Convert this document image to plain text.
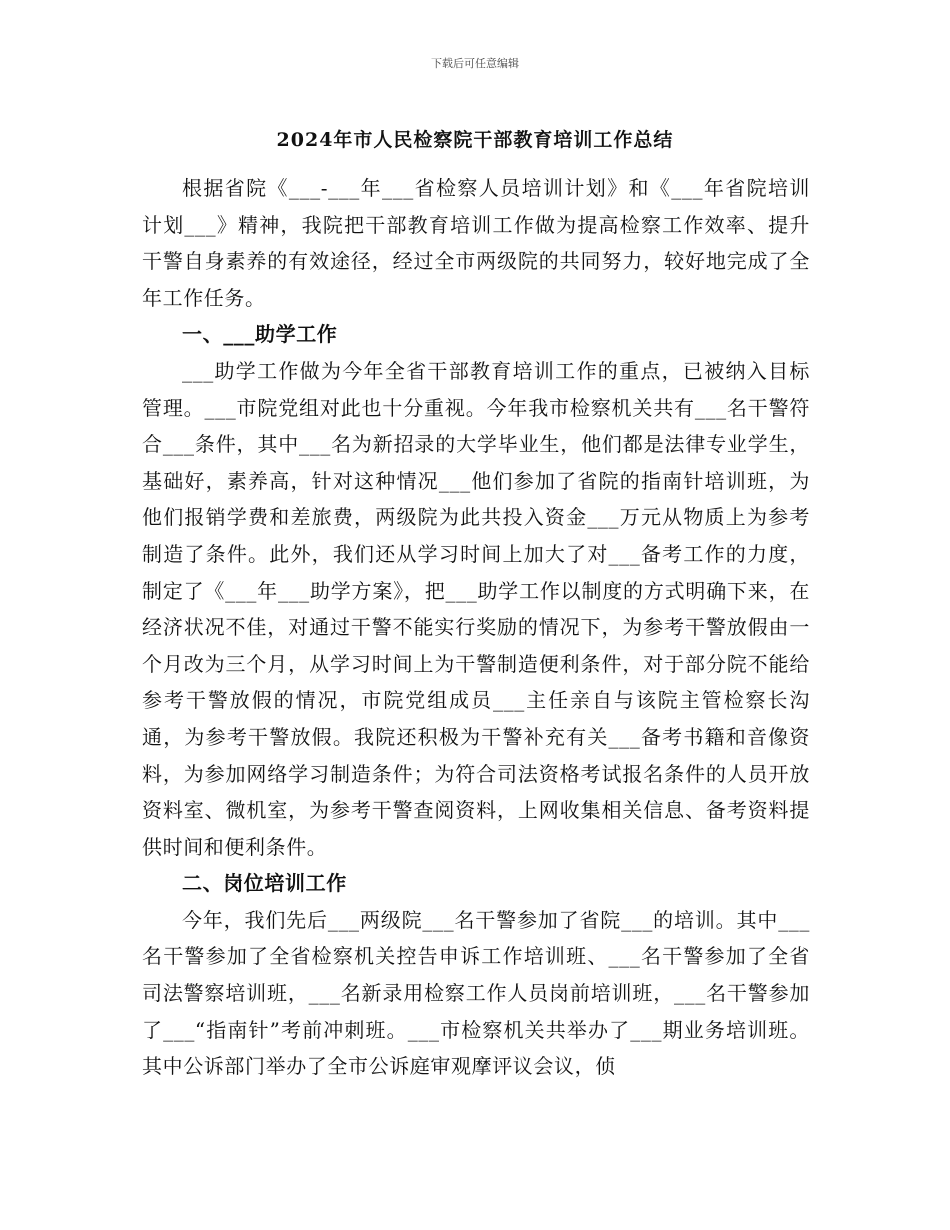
下载后可任意编辑
2024年市人民检察院干部教育培训工作总结

根据省院《___-___年___省检察人员培训计划》和《___年省院培训计划___》精神，我院把干部教育培训工作做为提高检察工作效率、提升干警自身素养的有效途径，经过全市两级院的共同努力，较好地完成了全年工作任务。

一、___助学工作

___助学工作做为今年全省干部教育培训工作的重点，已被纳入目标管理。___市院党组对此也十分重视。今年我市检察机关共有___名干警符合___条件，其中___名为新招录的大学毕业生，他们都是法律专业学生，基础好，素养高，针对这种情况___他们参加了省院的指南针培训班，为他们报销学费和差旅费，两级院为此共投入资金___万元从物质上为参考制造了条件。此外，我们还从学习时间上加大了对___备考工作的力度，制定了《___年___助学方案》，把___助学工作以制度的方式明确下来，在经济状况不佳，对通过干警不能实行奖励的情况下，为参考干警放假由一个月改为三个月，从学习时间上为干警制造便利条件，对于部分院不能给参考干警放假的情况，市院党组成员___主任亲自与该院主管检察长沟通，为参考干警放假。我院还积极为干警补充有关___备考书籍和音像资料，为参加网络学习制造条件；为符合司法资格考试报名条件的人员开放资料室、微机室，为参考干警查阅资料，上网收集相关信息、备考资料提供时间和便利条件。

二、岗位培训工作

今年，我们先后___两级院___名干警参加了省院___的培训。其中___名干警参加了全省检察机关控告申诉工作培训班、___名干警参加了全省司法警察培训班，___名新录用检察工作人员岗前培训班，___名干警参加了___“指南针”考前冲刺班。___市检察机关共举办了___期业务培训班。其中公诉部门举办了全市公诉庭审观摩评议会议，侦
